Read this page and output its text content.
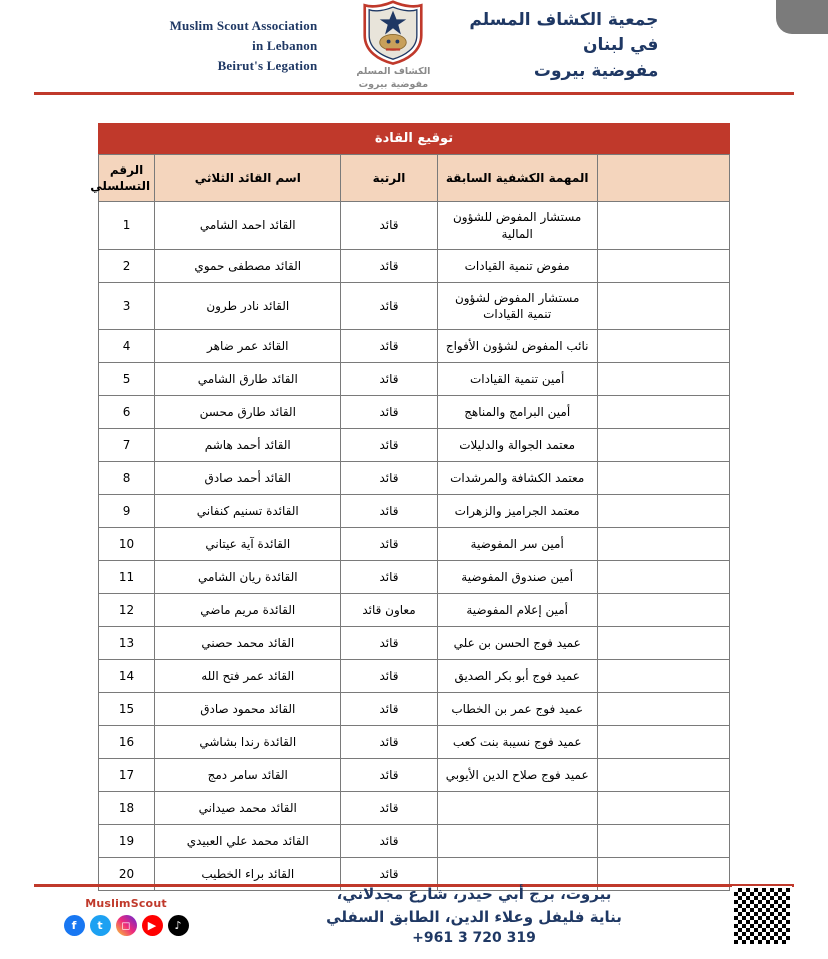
Muslim Scout Association
in Lebanon
Beirut's Legation	الكشاف المسلم
مفوضية بيروت
جمعية الكشاف المسلم
في لبنان
مفوضية بيروت
توقيع القادة
	المهمة الكشفية السابقة	الرتبة	اسم القائد الثلاثي	الرقم التسلسلي
	مستشار المفوض للشؤون المالية	قائد	القائد احمد الشامي	1
	مفوض تنمية القيادات	قائد	القائد مصطفى حموي	2
	مستشار المفوض لشؤون تنمية القيادات	قائد	القائد نادر طرون	3
	نائب المفوض لشؤون الأفواج	قائد	القائد عمر ضاهر	4
	أمين تنمية القيادات	قائد	القائد طارق الشامي	5
	أمين البرامج والمناهج	قائد	القائد طارق محسن	6
	معتمد الجوالة والدليلات	قائد	القائد أحمد هاشم	7
	معتمد الكشافة والمرشدات	قائد	القائد أحمد صادق	8
	معتمد الجراميز والزهرات	قائد	القائدة تسنيم كنفاني	9
	أمين سر المفوضية	قائد	القائدة آية عيتاني	10
	أمين صندوق المفوضية	قائد	القائدة ريان الشامي	11
	أمين إعلام المفوضية	معاون قائد	القائدة مريم ماضي	12
	عميد فوج الحسن بن علي	قائد	القائد محمد حصني	13
	عميد فوج أبو بكر الصديق	قائد	القائد عمر فتح الله	14
	عميد فوج عمر بن الخطاب	قائد	القائد محمود صادق	15
	عميد فوج نسيبة بنت كعب	قائد	القائدة رندا بشاشي	16
	عميد فوج صلاح الدين الأيوبي	قائد	القائد سامر دمج	17
		قائد	القائد محمد صيداني	18
		قائد	القائد محمد علي العبيدي	19
		قائد	القائد براء الخطيب	20
MuslimScout
f	t	◻	▶	♪
بيروت، برج أبي حيدر، شارع مجدلاني،
بناية فليفل وعلاء الدين، الطابق السفلي
+961 3 720 319
